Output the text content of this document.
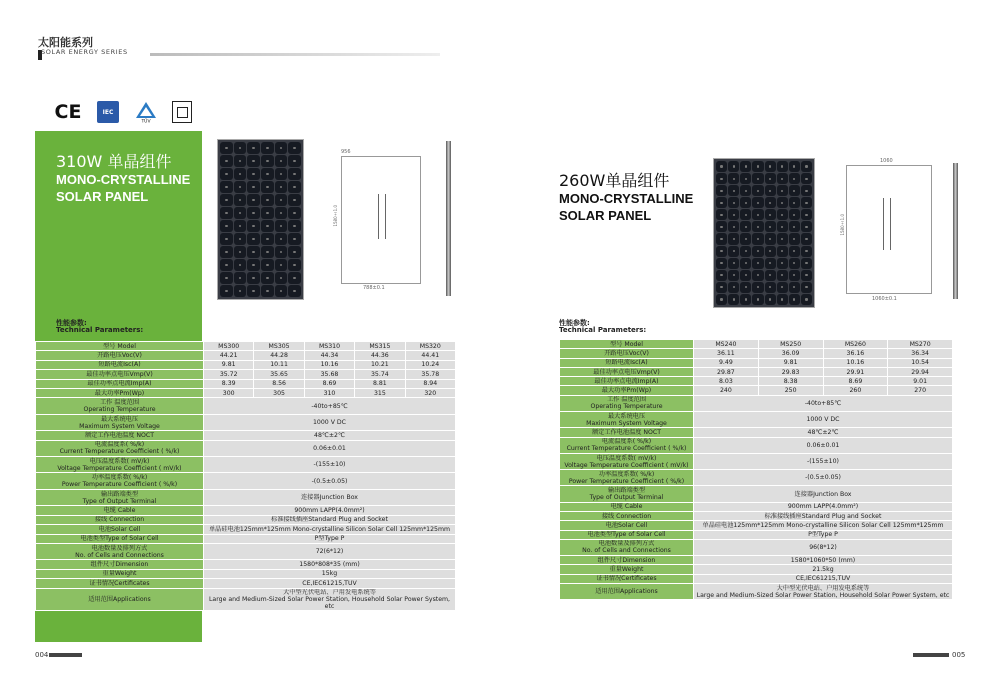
太阳能系列
SOLAR ENERGY SERIES
CE	IEC
TÜV
310W 单晶组件
MONO-CRYSTALLINE
SOLAR PANEL
956
788±0.1
1580±1.0
260W单晶组件
MONO-CRYSTALLINE
SOLAR PANEL
1060
1060±0.1
1580±1.0
性能参数:
Technical Parameters:
性能参数:
Technical Parameters:
型号 Model	MS300	MS305	MS310	MS315	MS320
开路电压Voc(V)	44.21	44.28	44.34	44.36	44.41
短路电流Isc(A)	9.81	10.11	10.16	10.21	10.24
最佳功率点电压Vmp(V)	35.72	35.65	35.68	35.74	35.78
最佳功率点电流Imp(A)	8.39	8.56	8.69	8.81	8.94
最大功率Pm(Wp)	300	305	310	315	320

工作 温度范围
Operating Temperature	-40to+85℃				

最大系统电压
Maximum System Voltage	1000 V DC				

额定工作电池温度 NOCT	48℃±2℃				

电流温度系( %/k)
Current Temperature Coefficient ( %/k)	0.06±0.01				

电压温度系数( mV/k)
Voltage Temperature Coefficient ( mV/k)	-(155±10)				

功率温度系数( %/k)
Power Temperature Coefficient ( %/k)	-(0.5±0.05)				

输出路端类型
Type of Output Terminal	连接器Junction Box				

电缆 Cable	900mm LAPP(4.0mm²)				

接线 Connection	标准接线插座Standard Plug and Socket				

电池Solar Cell	单晶硅电池125mm*125mm Mono-crystalline Silicon Solar Cell 125mm*125mm				

电池类型Type of Solar Cell	P型Type P				

电池数量及排列方式
No. of Cells and Connections	72(6*12)				

组件尺寸Dimension	1580*808*35 (mm)				

重量Weight	15kg				

证书情况Certificates	CE,IEC61215,TUV				

适用范围Applications	大中型光伏电站、户用发电系统等
Large and Medium-Sized Solar Power Station, Household Solar Power System, etc				
型号 Model	MS240	MS250	MS260	MS270
开路电压Voc(V)	36.11	36.09	36.16	36.34
短路电流Isc(A)	9.49	9.81	10.16	10.54
最佳功率点电压Vmp(V)	29.87	29.83	29.91	29.94
最佳功率点电流Imp(A)	8.03	8.38	8.69	9.01
最大功率Pm(Wp)	240	250	260	270

工作 温度范围
Operating Temperature	-40to+85℃			

最大系统电压
Maximum System Voltage	1000 V DC			

额定工作电池温度 NOCT	48℃±2℃			

电流温度系( %/k)
Current Temperature Coefficient ( %/k)	0.06±0.01			

电压温度系数( mV/k)
Voltage Temperature Coefficient ( mV/k)	-(155±10)			

功率温度系数( %/k)
Power Temperature Coefficient ( %/k)	-(0.5±0.05)			

输出路端类型
Type of Output Terminal	连接器Junction Box			

电缆 Cable	900mm LAPP(4.0mm²)			

接线 Connection	标准接线插座Standard Plug and Socket			

电池Solar Cell	单晶硅电池125mm*125mm Mono-crystalline Silicon Solar Cell 125mm*125mm			

电池类型Type of Solar Cell	P型Type P			

电池数量及排列方式
No. of Cells and Connections	96(8*12)			

组件尺寸Dimension	1580*1060*50 (mm)			

重量Weight	21.5kg			

证书情况Certificates	CE,IEC61215,TUV			

适用范围Applications	大中型光伏电站、户用发电系统等
Large and Medium-Sized Solar Power Station, Household Solar Power System, etc			
004	005
